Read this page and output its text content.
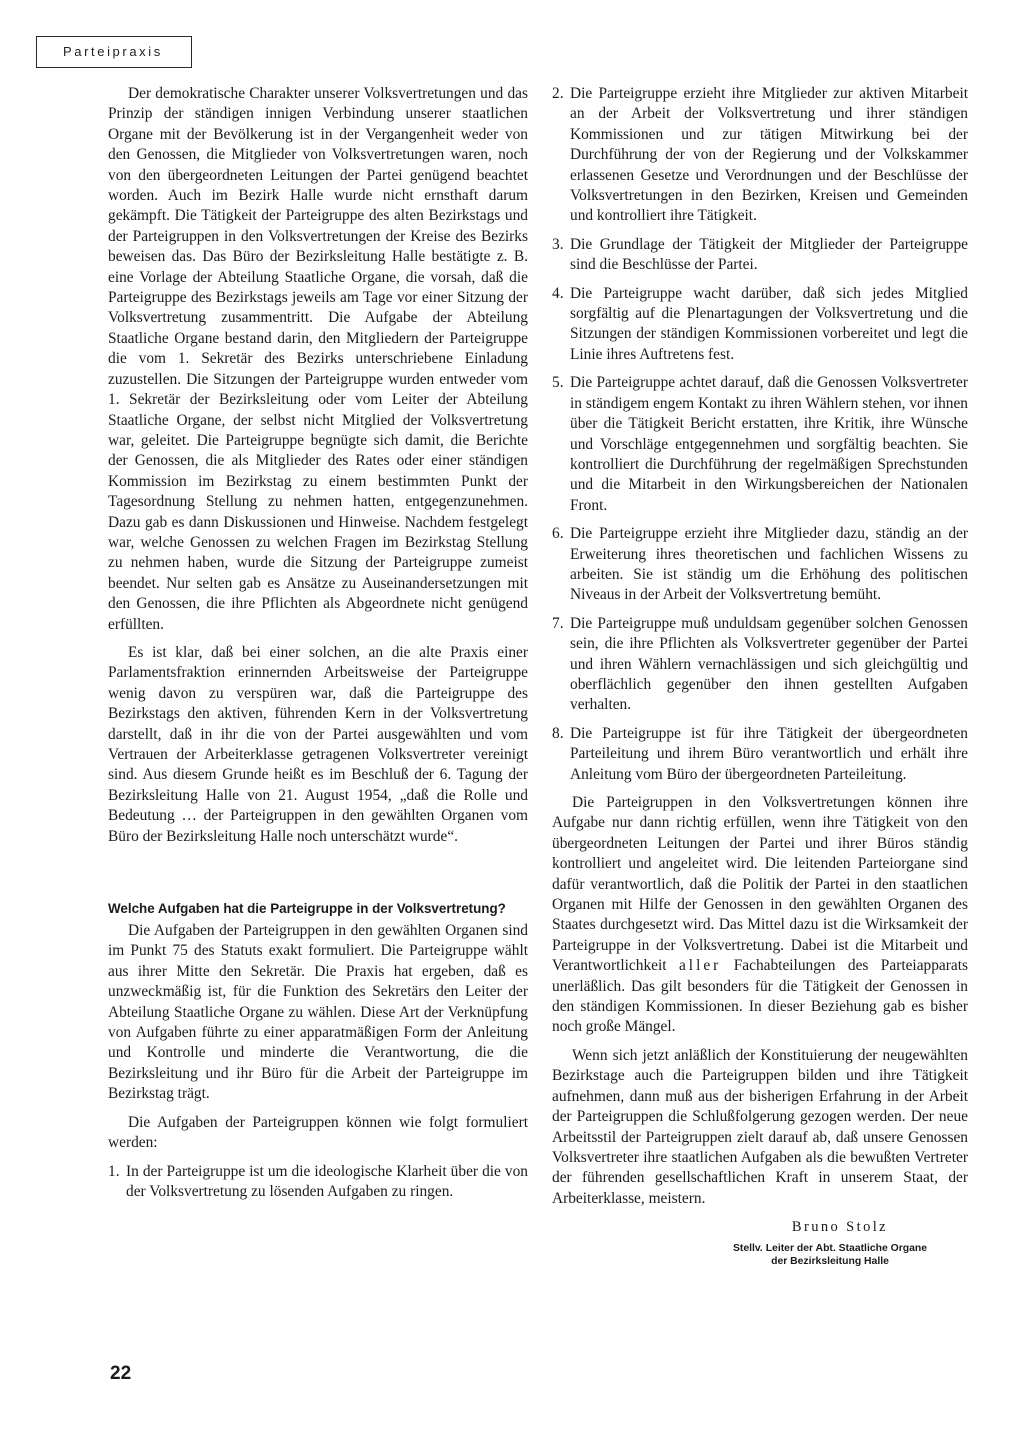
Parteipraxis

Der demokratische Charakter unserer Volksvertretungen und das Prinzip der ständigen innigen Verbindung unserer staatlichen Organe mit der Bevölkerung ist in der Vergangenheit weder von den Genossen, die Mitglieder von Volksvertretungen waren, noch von den übergeordneten Leitungen der Partei genügend beachtet worden. Auch im Bezirk Halle wurde nicht ernsthaft darum gekämpft. Die Tätigkeit der Parteigruppe des alten Bezirkstags und der Parteigruppen in den Volksvertretungen der Kreise des Bezirks beweisen das. Das Büro der Bezirksleitung Halle bestätigte z. B. eine Vorlage der Abteilung Staatliche Organe, die vorsah, daß die Parteigruppe des Bezirkstags jeweils am Tage vor einer Sitzung der Volksvertretung zusammentritt. Die Aufgabe der Abteilung Staatliche Organe bestand darin, den Mitgliedern der Parteigruppe die vom 1. Sekretär des Bezirks unterschriebene Einladung zuzustellen. Die Sitzungen der Parteigruppe wurden entweder vom 1. Sekretär der Bezirksleitung oder vom Leiter der Abteilung Staatliche Organe, der selbst nicht Mitglied der Volksvertretung war, geleitet. Die Parteigruppe begnügte sich damit, die Berichte der Genossen, die als Mitglieder des Rates oder einer ständigen Kommission im Bezirkstag zu einem bestimmten Punkt der Tagesordnung Stellung zu nehmen hatten, entgegenzunehmen. Dazu gab es dann Diskussionen und Hinweise. Nachdem festgelegt war, welche Genossen zu welchen Fragen im Bezirkstag Stellung zu nehmen haben, wurde die Sitzung der Parteigruppe zumeist beendet. Nur selten gab es Ansätze zu Auseinandersetzungen mit den Genossen, die ihre Pflichten als Abgeordnete nicht genügend erfüllten.

Es ist klar, daß bei einer solchen, an die alte Praxis einer Parlamentsfraktion erinnernden Arbeitsweise der Parteigruppe wenig davon zu verspüren war, daß die Parteigruppe des Bezirkstags den aktiven, führenden Kern in der Volksvertretung darstellt, daß in ihr die von der Partei ausgewählten und vom Vertrauen der Arbeiterklasse getragenen Volksvertreter vereinigt sind. Aus diesem Grunde heißt es im Beschluß der 6. Tagung der Bezirksleitung Halle von 21. August 1954, „daß die Rolle und Bedeutung … der Parteigruppen in den gewählten Organen vom Büro der Bezirksleitung Halle noch unterschätzt wurde“.

Welche Aufgaben hat die Parteigruppe in der Volksvertretung?

Die Aufgaben der Parteigruppen in den gewählten Organen sind im Punkt 75 des Statuts exakt formuliert. Die Parteigruppe wählt aus ihrer Mitte den Sekretär. Die Praxis hat ergeben, daß es unzweckmäßig ist, für die Funktion des Sekretärs den Leiter der Abteilung Staatliche Organe zu wählen. Diese Art der Verknüpfung von Aufgaben führte zu einer apparatmäßigen Form der Anleitung und Kontrolle und minderte die Verantwortung, die die Bezirksleitung und ihr Büro für die Arbeit der Parteigruppe im Bezirkstag trägt.

Die Aufgaben der Parteigruppen können wie folgt formuliert werden:

1. In der Parteigruppe ist um die ideologische Klarheit über die von der Volksvertretung zu lösenden Aufgaben zu ringen.
2. Die Parteigruppe erzieht ihre Mitglieder zur aktiven Mitarbeit an der Arbeit der Volksvertretung und ihrer ständigen Kommissionen und zur tätigen Mitwirkung bei der Durchführung der von der Regierung und der Volkskammer erlassenen Gesetze und Verordnungen und der Beschlüsse der Volksvertretungen in den Bezirken, Kreisen und Gemeinden und kontrolliert ihre Tätigkeit.
3. Die Grundlage der Tätigkeit der Mitglieder der Parteigruppe sind die Beschlüsse der Partei.
4. Die Parteigruppe wacht darüber, daß sich jedes Mitglied sorgfältig auf die Plenartagungen der Volksvertretung und die Sitzungen der ständigen Kommissionen vorbereitet und legt die Linie ihres Auftretens fest.
5. Die Parteigruppe achtet darauf, daß die Genossen Volksvertreter in ständigem engem Kontakt zu ihren Wählern stehen, vor ihnen über die Tätigkeit Bericht erstatten, ihre Kritik, ihre Wünsche und Vorschläge entgegennehmen und sorgfältig beachten. Sie kontrolliert die Durchführung der regelmäßigen Sprechstunden und die Mitarbeit in den Wirkungsbereichen der Nationalen Front.
6. Die Parteigruppe erzieht ihre Mitglieder dazu, ständig an der Erweiterung ihres theoretischen und fachlichen Wissens zu arbeiten. Sie ist ständig um die Erhöhung des politischen Niveaus in der Arbeit der Volksvertretung bemüht.
7. Die Parteigruppe muß unduldsam gegenüber solchen Genossen sein, die ihre Pflichten als Volksvertreter gegenüber der Partei und ihren Wählern vernachlässigen und sich gleichgültig und oberflächlich gegenüber den ihnen gestellten Aufgaben verhalten.
8. Die Parteigruppe ist für ihre Tätigkeit der übergeordneten Parteileitung und ihrem Büro verantwortlich und erhält ihre Anleitung vom Büro der übergeordneten Parteileitung.

Die Parteigruppen in den Volksvertretungen können ihre Aufgabe nur dann richtig erfüllen, wenn ihre Tätigkeit von den übergeordneten Leitungen der Partei und ihrer Büros ständig kontrolliert und angeleitet wird. Die leitenden Parteiorgane sind dafür verantwortlich, daß die Politik der Partei in den staatlichen Organen mit Hilfe der Genossen in den gewählten Organen des Staates durchgesetzt wird. Das Mittel dazu ist die Wirksamkeit der Parteigruppe in der Volksvertretung. Dabei ist die Mitarbeit und Verantwortlichkeit aller Fachabteilungen des Parteiapparats unerläßlich. Das gilt besonders für die Tätigkeit der Genossen in den ständigen Kommissionen. In dieser Beziehung gab es bisher noch große Mängel.

Wenn sich jetzt anläßlich der Konstituierung der neugewählten Bezirkstage auch die Parteigruppen bilden und ihre Tätigkeit aufnehmen, dann muß aus der bisherigen Erfahrung in der Arbeit der Parteigruppen die Schlußfolgerung gezogen werden. Der neue Arbeitsstil der Parteigruppen zielt darauf ab, daß unsere Genossen Volksvertreter ihre staatlichen Aufgaben als die bewußten Vertreter der führenden gesellschaftlichen Kraft in unserem Staat, der Arbeiterklasse, meistern.

Bruno Stolz
Stellv. Leiter der Abt. Staatliche Organe
der Bezirksleitung Halle
22
